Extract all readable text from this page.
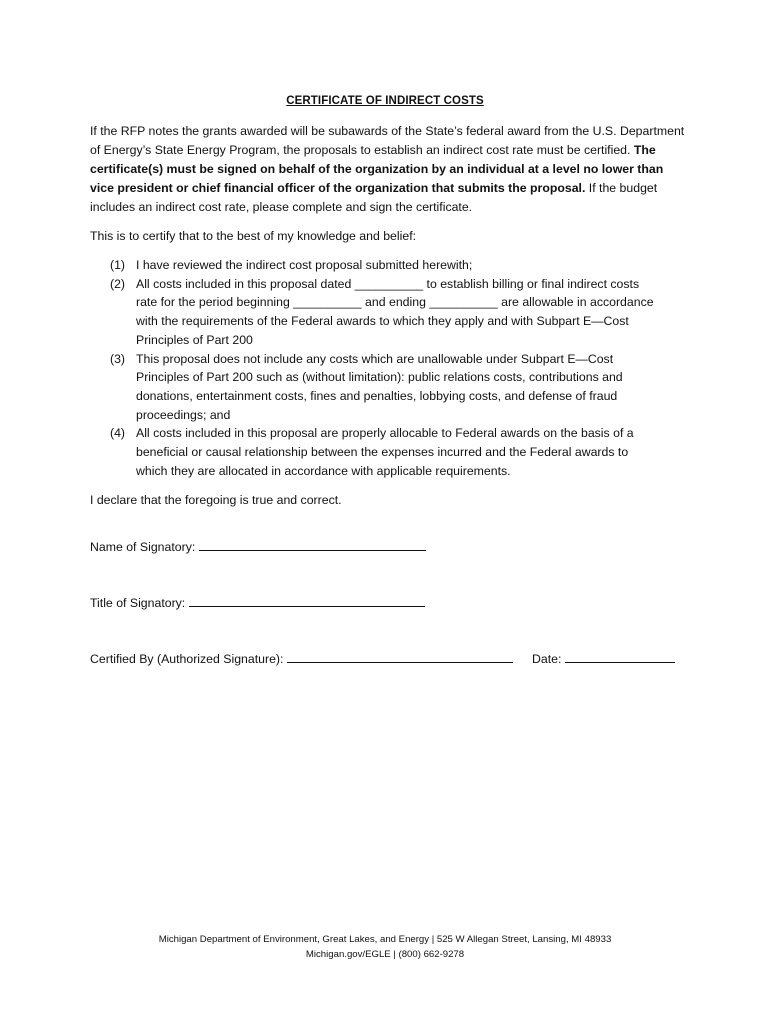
CERTIFICATE OF INDIRECT COSTS

If the RFP notes the grants awarded will be subawards of the State’s federal award from the U.S. Department of Energy’s State Energy Program, the proposals to establish an indirect cost rate must be certified. The certificate(s) must be signed on behalf of the organization by an individual at a level no lower than vice president or chief financial officer of the organization that submits the proposal. If the budget includes an indirect cost rate, please complete and sign the certificate.

This is to certify that to the best of my knowledge and belief:

(1) I have reviewed the indirect cost proposal submitted herewith;
(2) All costs included in this proposal dated __________ to establish billing or final indirect costs rate for the period beginning __________ and ending __________ are allowable in accordance with the requirements of the Federal awards to which they apply and with Subpart E—Cost Principles of Part 200
(3) This proposal does not include any costs which are unallowable under Subpart E—Cost Principles of Part 200 such as (without limitation): public relations costs, contributions and donations, entertainment costs, fines and penalties, lobbying costs, and defense of fraud proceedings; and
(4) All costs included in this proposal are properly allocable to Federal awards on the basis of a beneficial or causal relationship between the expenses incurred and the Federal awards to which they are allocated in accordance with applicable requirements.

I declare that the foregoing is true and correct.

Name of Signatory:
Title of Signatory:
Certified By (Authorized Signature):	Date:
Michigan Department of Environment, Great Lakes, and Energy | 525 W Allegan Street, Lansing, MI 48933
Michigan.gov/EGLE | (800) 662-9278
